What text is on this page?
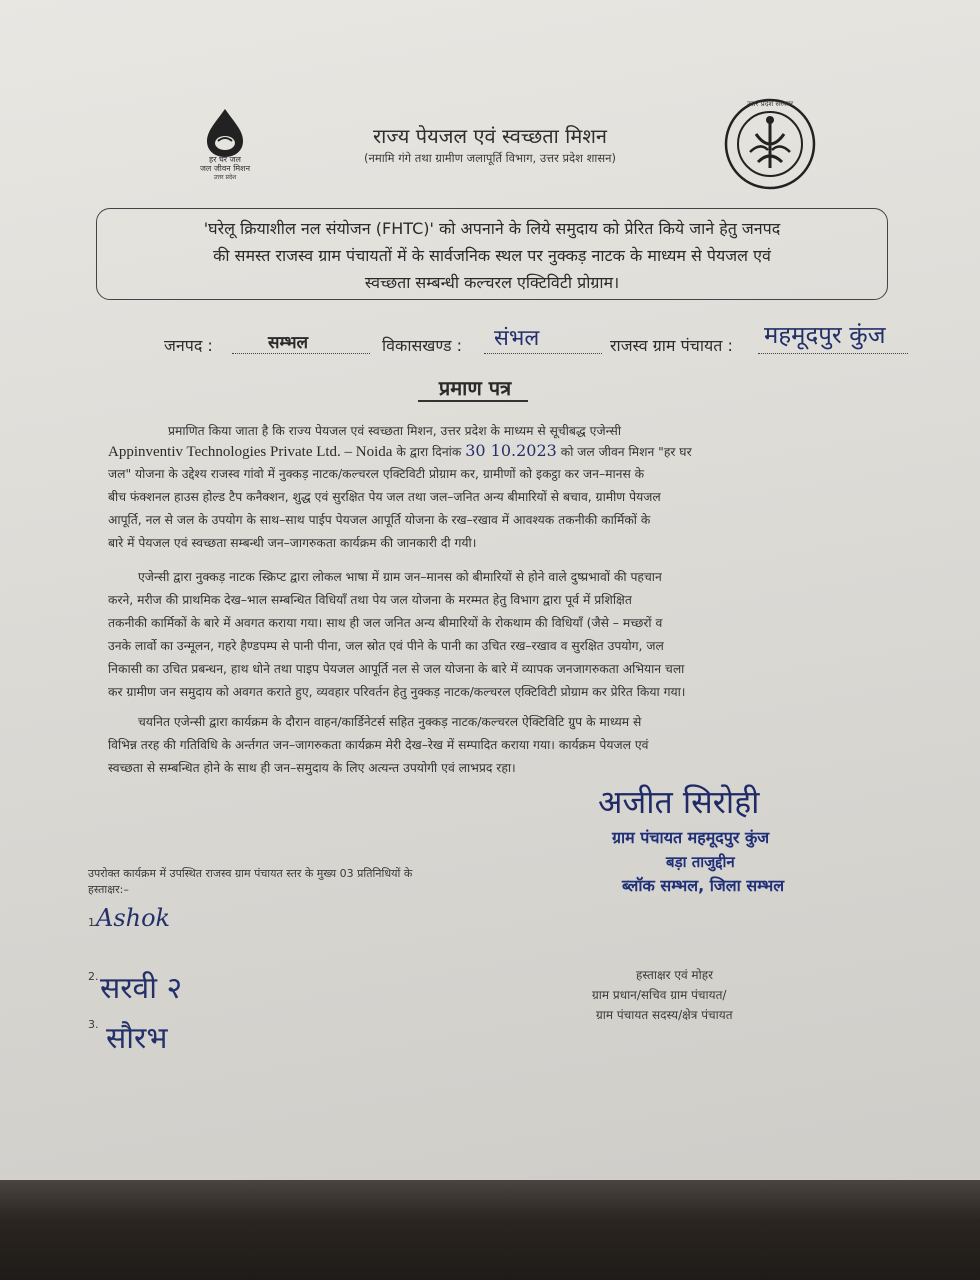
हर घर जल
जल जीवन मिशन
उत्तर प्रदेश
राज्य पेयजल एवं स्वच्छता मिशन
(नमामि गंगे तथा ग्रामीण जलापूर्ति विभाग, उत्तर प्रदेश शासन)
उत्तर प्रदेश सरकार
'घरेलू क्रियाशील नल संयोजन (FHTC)' को अपनाने के लिये समुदाय को प्रेरित किये जाने हेतु जनपद
की समस्त राजस्व ग्राम पंचायतों में के सार्वजनिक स्थल पर नुक्कड़ नाटक के माध्यम से पेयजल एवं
स्वच्छता सम्बन्धी कल्चरल एक्टिविटी प्रोग्राम।
जनपद :	सम्भल	विकासखण्ड : संभल	राजस्व ग्राम पंचायत : महमूदपुर कुंज
प्रमाण पत्र
प्रमाणित किया जाता है कि राज्य पेयजल एवं स्वच्छता मिशन, उत्तर प्रदेश के माध्यम से सूचीबद्ध एजेन्सी
Appinventiv Technologies Private Ltd. – Noida के द्वारा दिनांक 30 10.2023 को जल जीवन मिशन "हर घर
जल" योजना के उद्देश्य राजस्व गांवो में नुक्कड़ नाटक/कल्चरल एक्टिविटी प्रोग्राम कर, ग्रामीणों को इकट्ठा कर जन–मानस के
बीच फंक्शनल हाउस होल्ड टैप कनैक्शन, शुद्ध एवं सुरक्षित पेय जल तथा जल–जनित अन्य बीमारियों से बचाव, ग्रामीण पेयजल
आपूर्ति, नल से जल के उपयोग के साथ–साथ पाईप पेयजल आपूर्ति योजना के रख–रखाव में आवश्यक तकनीकी कार्मिकों के
बारे में पेयजल एवं स्वच्छता सम्बन्धी जन–जागरुकता कार्यक्रम की जानकारी दी गयी।
एजेन्सी द्वारा नुक्कड़ नाटक स्क्रिप्ट द्वारा लोकल भाषा में ग्राम जन–मानस को बीमारियों से होने वाले दुष्प्रभावों की पहचान
करने, मरीज की प्राथमिक देख–भाल सम्बन्धित विधियाँ तथा पेय जल योजना के मरम्मत हेतु विभाग द्वारा पूर्व में प्रशिक्षित
तकनीकी कार्मिकों के बारे में अवगत कराया गया। साथ ही जल जनित अन्य बीमारियों के रोकथाम की विधियाँ (जैसे – मच्छरों व
उनके लार्वो का उन्मूलन, गहरे हैण्डपम्प से पानी पीना, जल स्रोत एवं पीने के पानी का उचित रख–रखाव व सुरक्षित उपयोग, जल
निकासी का उचित प्रबन्धन, हाथ धोने तथा पाइप पेयजल आपूर्ति नल से जल योजना के बारे में व्यापक जनजागरुकता अभियान चला
कर ग्रामीण जन समुदाय को अवगत कराते हुए, व्यवहार परिवर्तन हेतु नुक्कड़ नाटक/कल्चरल एक्टिविटी प्रोग्राम कर प्रेरित किया गया।
चयनित एजेन्सी द्वारा कार्यक्रम के दौरान वाहन/कार्डिनेटर्स सहित नुक्कड़ नाटक/कल्चरल ऐक्टिविटि ग्रुप के माध्यम से
विभिन्न तरह की गतिविधि के अर्न्तगत जन–जागरुकता कार्यक्रम मेरी देख–रेख में सम्पादित कराया गया। कार्यक्रम पेयजल एवं
स्वच्छता से सम्बन्धित होने के साथ ही जन–समुदाय के लिए अत्यन्त उपयोगी एवं लाभप्रद रहा।
अजीत सिरोही
ग्राम पंचायत महमूदपुर कुंज
बड़ा ताजुद्दीन
ब्लॉक सम्भल, जिला सम्भल
उपरोक्त कार्यक्रम में उपस्थित राजस्व ग्राम पंचायत स्तर के मुख्य 03 प्रतिनिधियों के
हस्ताक्षर:–
1.
Ashok
2. सरवी २
3. सौरभ
हस्ताक्षर एवं मोहर
ग्राम प्रधान/सचिव ग्राम पंचायत/
ग्राम पंचायत सदस्य/क्षेत्र पंचायत
